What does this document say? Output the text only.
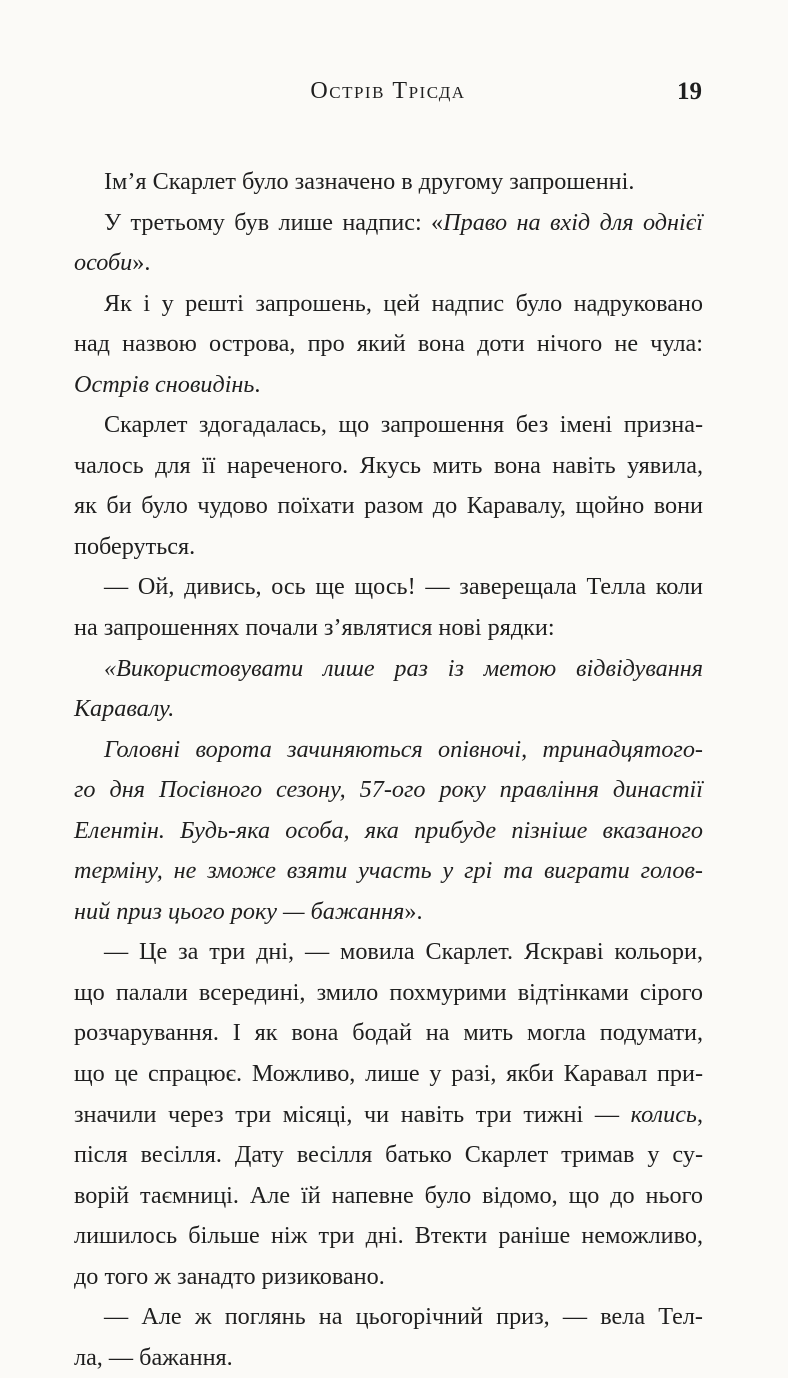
Острів Трісда	19
Ім’я Скарлет було зазначено в другому запрошенні.
У третьому був лише надпис: «Право на вхід для однієї
особи».
Як і у решті запрошень, цей надпис було надруковано
над назвою острова, про який вона доти нічого не чула:
Острів сновидінь.
Скарлет здогадалась, що запрошення без імені призна-
чалось для її нареченого. Якусь мить вона навіть уявила,
як би було чудово поїхати разом до Каравалу, щойно вони
поберуться.
— Ой, дивись, ось ще щось! — заверещала Телла коли
на запрошеннях почали з’являтися нові рядки:
«Використовувати лише раз із метою відвідування
Каравалу.
Головні ворота зачиняються опівночі, тринадцятого-
го дня Посівного сезону, 57-ого року правління династії
Елентін. Будь-яка особа, яка прибуде пізніше вказаного
терміну, не зможе взяти участь у грі та виграти голов-
ний приз цього року — бажання».
— Це за три дні, — мовила Скарлет. Яскраві кольори,
що палали всередині, змило похмурими відтінками сірого
розчарування. І як вона бодай на мить могла подумати,
що це спрацює. Можливо, лише у разі, якби Каравал при-
значили через три місяці, чи навіть три тижні — колись,
після весілля. Дату весілля батько Скарлет тримав у су-
ворій таємниці. Але їй напевне було відомо, що до нього
лишилось більше ніж три дні. Втекти раніше неможливо,
до того ж занадто ризиковано.
— Але ж поглянь на цьогорічний приз, — вела Тел-
ла, — бажання.
